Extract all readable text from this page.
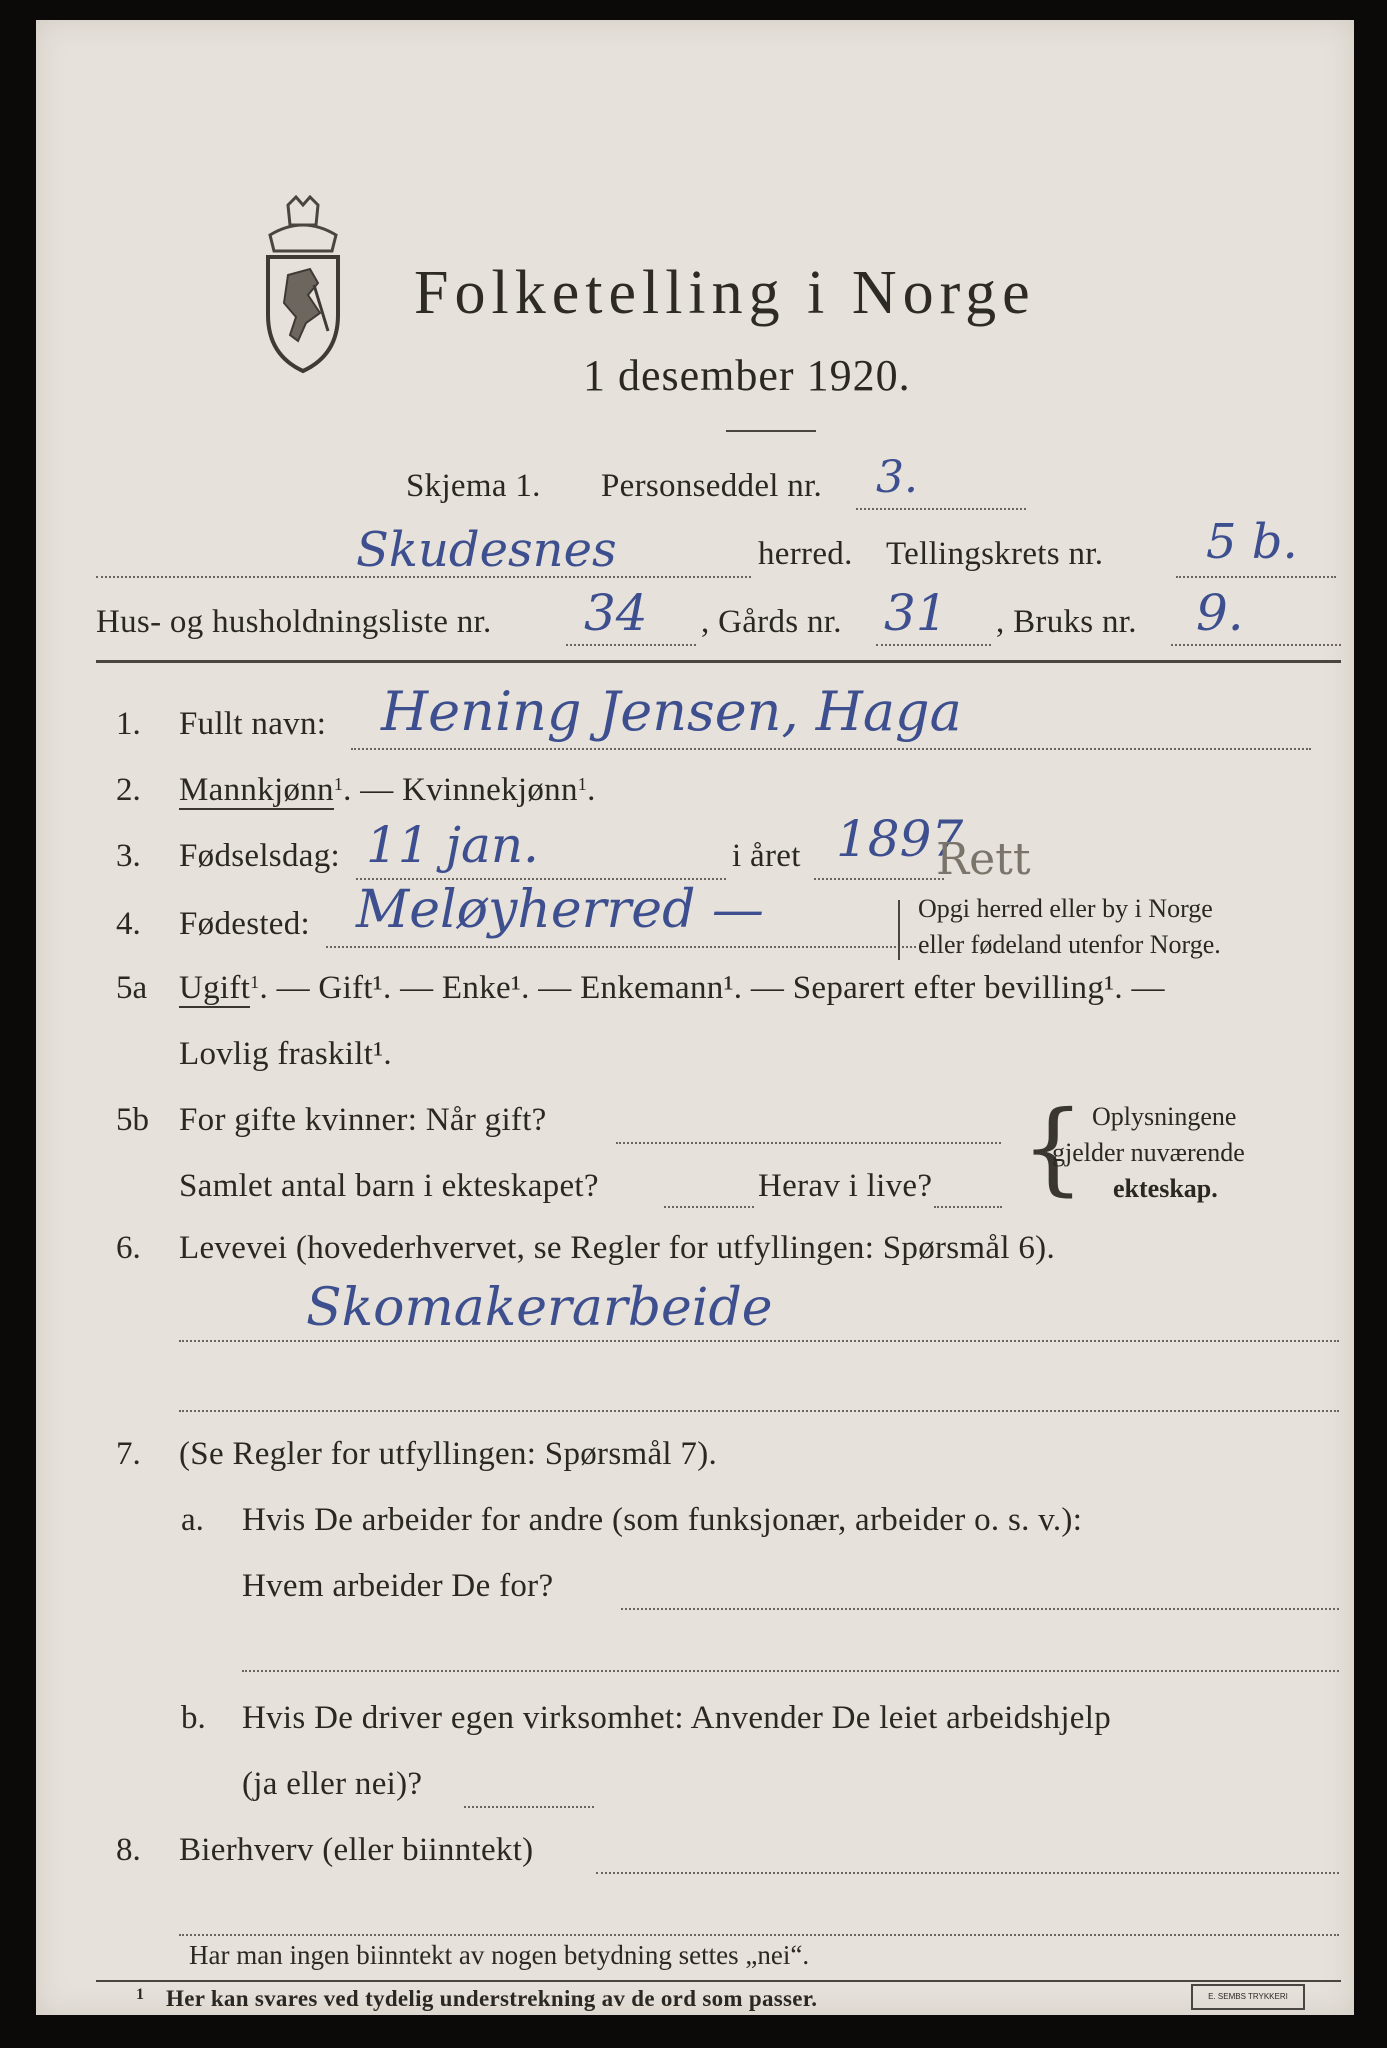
Folketelling i Norge
1 desember 1920.
Skjema 1. Personseddel nr. 3.
Skudesnes	herred. Tellingskrets nr. 5 b.
Hus- og husholdningsliste nr. 34 , Gårds nr. 31 , Bruks nr. 9.
1. Fullt navn: Hening Jensen, Haga
2. Mannkjønn$^1$. — Kvinnekjønn$^1$.
3. Fødselsdag: 11 jan.	i året 1897
Rett
4. Fødested: Meløyherred —	Opgi herred eller by i Norge
eller fødeland utenfor Norge.
5a Ugift$^1$. — Gift¹. — Enke¹. — Enkemann¹. — Separert efter bevilling¹. —
Lovlig fraskilt¹.
5b For gifte kvinner: Når gift?
Samlet antal barn i ekteskapet?	Herav i live? { Oplysningene
gjelder nuværende
ekteskap.
6. Levevei (hovederhvervet, se Regler for utfyllingen: Spørsmål 6).
Skomakerarbeide
7. (Se Regler for utfyllingen: Spørsmål 7).
a. Hvis De arbeider for andre (som funksjonær, arbeider o. s. v.):
Hvem arbeider De for?
b. Hvis De driver egen virksomhet: Anvender De leiet arbeidshjelp
(ja eller nei)?
8. Bierhverv (eller biinntekt)
Har man ingen biinntekt av nogen betydning settes „nei“.
1 Her kan svares ved tydelig understrekning av de ord som passer.	E. SEMBS TRYKKERI
